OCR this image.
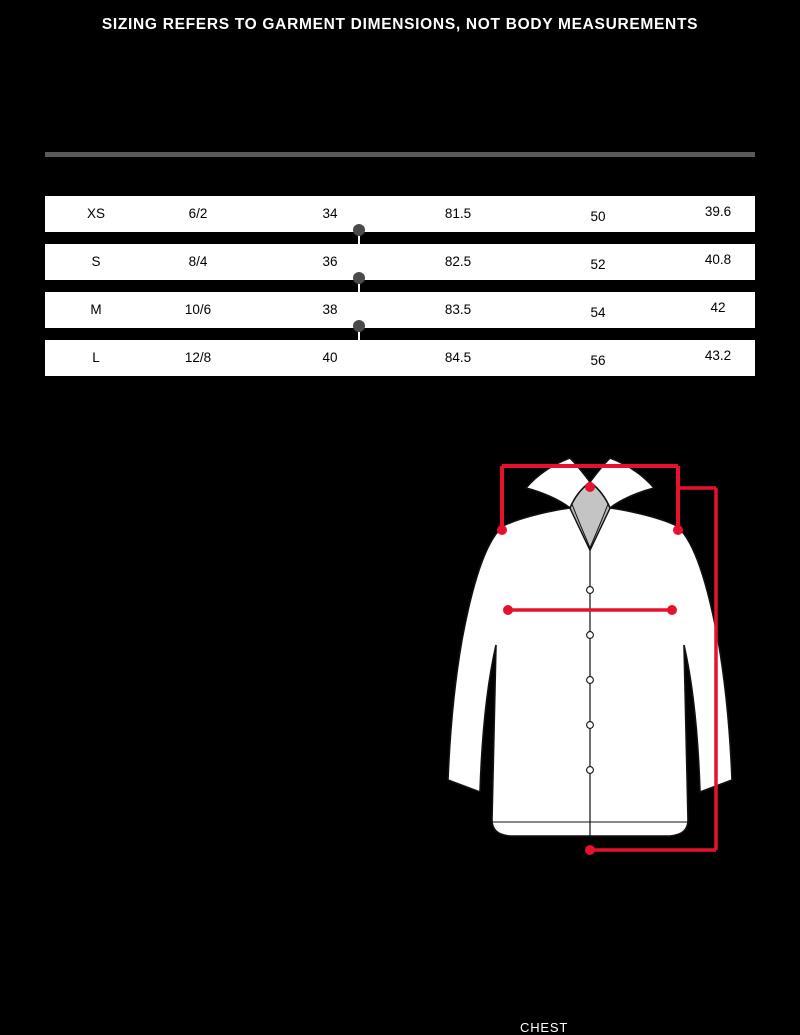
SIZING REFERS TO GARMENT DIMENSIONS, NOT BODY MEASUREMENTS
XS	6/2	34	81.5	50	39.6
S	8/4	36	82.5	52	40.8
M	10/6	38	83.5	54	42
L	12/8	40	84.5	56	43.2
CHEST
